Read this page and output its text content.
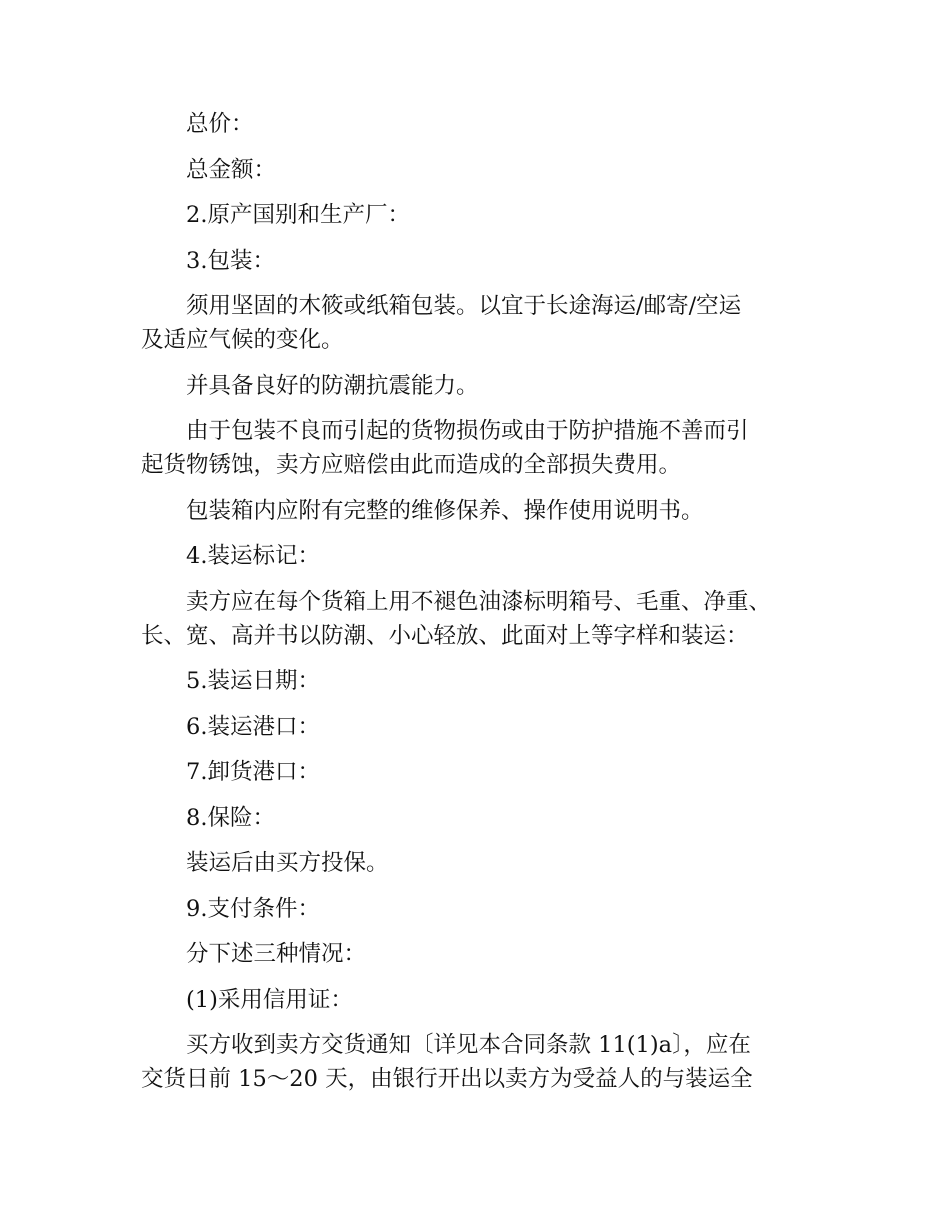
总价：

总金额：

2.原产国别和生产厂：

3.包装：

须用坚固的木筱或纸箱包装。以宜于长途海运/邮寄/空运
及适应气候的变化。

并具备良好的防潮抗震能力。

由于包装不良而引起的货物损伤或由于防护措施不善而引
起货物锈蚀，卖方应赔偿由此而造成的全部损失费用。

包装箱内应附有完整的维修保养、操作使用说明书。

4.装运标记：

卖方应在每个货箱上用不褪色油漆标明箱号、毛重、净重、
长、宽、高并书以防潮、小心轻放、此面对上等字样和装运：

5.装运日期：

6.装运港口：

7.卸货港口：

8.保险：

装运后由买方投保。

9.支付条件：

分下述三种情况：

(1)采用信用证：

买方收到卖方交货通知〔详见本合同条款 11(1)a〕，应在
交货日前 15～20 天，由银行开出以卖方为受益人的与装运全
